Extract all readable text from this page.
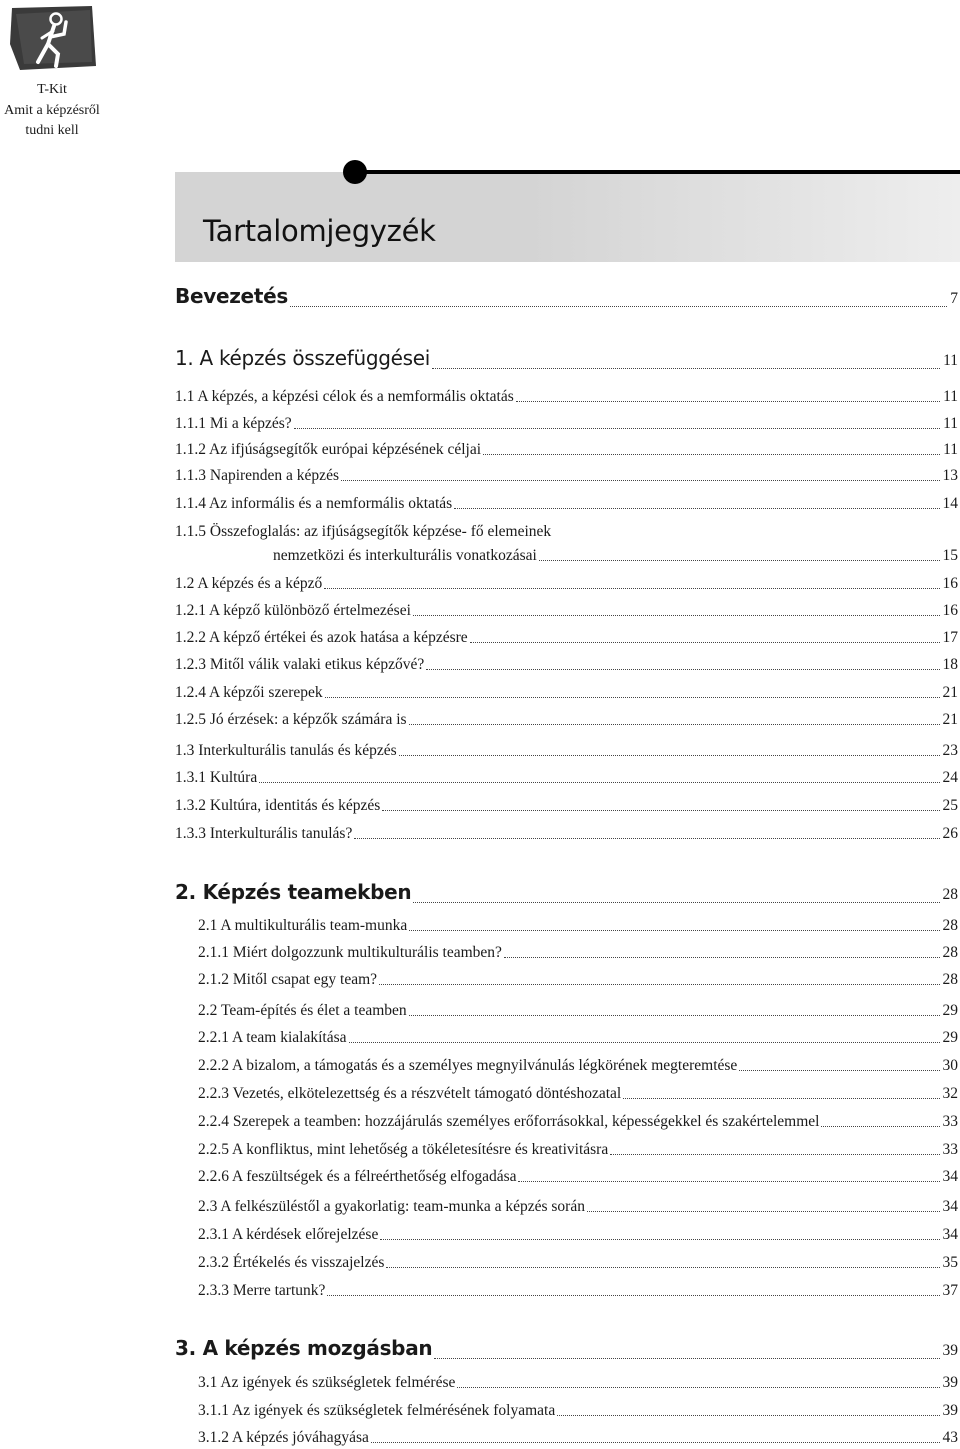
T-Kit
Amit a képzésről
tudni kell
Tartalomjegyzék
Bevezetés	7
1. A képzés összefüggései	11
1.1 A képzés, a képzési célok és a nemformális oktatás	11
1.1.1 Mi a képzés?	11
1.1.2 Az ifjúságsegítők európai képzésének céljai	11
1.1.3 Napirenden a képzés	13
1.1.4 Az informális és a nemformális oktatás	14
1.1.5 Összefoglalás: az ifjúságsegítők képzése- fő elemeinek
nemzetközi és interkulturális vonatkozásai	15
1.2 A képzés és a képző	16
1.2.1 A képző különböző értelmezései	16
1.2.2 A képző értékei és azok hatása a képzésre	17
1.2.3 Mitől válik valaki etikus képzővé?	18
1.2.4 A képzői szerepek	21
1.2.5 Jó érzések: a képzők számára is	21
1.3 Interkulturális tanulás és képzés	23
1.3.1 Kultúra	24
1.3.2 Kultúra, identitás és képzés	25
1.3.3 Interkulturális tanulás?	26
2. Képzés teamekben	28
2.1 A multikulturális team-munka	28
2.1.1 Miért dolgozzunk multikulturális teamben?	28
2.1.2 Mitől csapat egy team?	28
2.2 Team-építés és élet a teamben	29
2.2.1 A team kialakítása	29
2.2.2 A bizalom, a támogatás és a személyes megnyilvánulás légkörének megteremtése	30
2.2.3 Vezetés, elkötelezettség és a részvételt támogató döntéshozatal	32
2.2.4 Szerepek a teamben: hozzájárulás személyes erőforrásokkal, képességekkel és szakértelemmel	33
2.2.5 A konfliktus, mint lehetőség a tökéletesítésre és kreativitásra	33
2.2.6 A feszültségek és a félreérthetőség elfogadása	34
2.3 A felkészüléstől a gyakorlatig: team-munka a képzés során	34
2.3.1 A kérdések előrejelzése	34
2.3.2 Értékelés és visszajelzés	35
2.3.3 Merre tartunk?	37
3. A képzés mozgásban	39
3.1 Az igények és szükségletek felmérése	39
3.1.1 Az igények és szükségletek felmérésének folyamata	39
3.1.2 A képzés jóváhagyása	43
